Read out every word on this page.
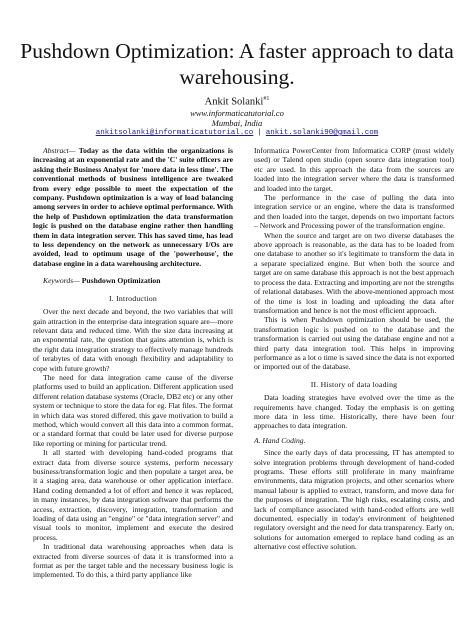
Pushdown Optimization: A faster approach to data warehousing.
Ankit Solanki$^{\#1}$
www.informaticatutorial.co
Mumbai, India
ankitsolanki@informaticatutorial.co | ankit.solanki90@gmail.com

Abstract— Today as the data within the organizations is increasing at an exponential rate and the 'C' suite officers are asking their Business Analyst for 'more data in less time'. The conventional methods of business intelligence are tweaked from every edge possible to meet the expectation of the company. Pushdown optimization is a way of load balancing among servers in order to achieve optimal performance. With the help of Pushdown optimization the data transformation logic is pushed on the database engine rather then handling them in data integration server. This has saved time, has lead to less dependency on the network as unnecessary I/Os are avoided, lead to optimum usage of the 'powerhouse', the database engine in a data warehousing architecture.

Keywords— Pushdown Optimization

I. Introduction

Over the next decade and beyond, the two variables that will gain attraction in the enterprise data integration square are—more relevant data and reduced time. With the size data increasing at an exponential rate, the question that gains attention is, which is the right data integration strategy to effectively manage hundreds of terabytes of data with enough flexibility and adaptability to cope with future growth?

The need for data integration came cause of the diverse platforms used to build an application. Different application used different relation database systems (Oracle, DB2 etc) or any other system or technique to store the data for eg. Flat files. The format in which data was stored differed, this gave motivation to build a method, which would convert all this data into a common format, or a standard format that could be later used for diverse purpose like reporting or mining for particular trend.

It all started with developing hand-coded programs that extract data from diverse source systems, perform necessary business/transformation logic and then populate a target area, be it a staging area, data warehouse or other application interface. Hand coding demanded a lot of effort and hence it was replaced, in many instances, by data integration software that performs the access, extraction, discovery, integration, transformation and loading of data using an "engine" or "data integration server" and visual tools to monitor, implement and execute the desired process.

In traditional data warehousing approaches when data is extracted from diverse sources of data it is transformed into a format as per the target table and the necessary business logic is implemented. To do this, a third party appliance like

Informatica PowerCenter from Informatica CORP (most widely used) or Talend open studio (open source data integration tool) etc are used. In this approach the data from the sources are loaded into the integration server where the data is transformed and loaded into the target.

The performance in the case of pulling the data into integration service or an engine, where the data is transformed and then loaded into the target, depends on two important factors – Network and Processing power of the transformation engine.

When the source and target are on two diverse databases the above approach is reasonable, as the data has to be loaded from one database to another so it's legitimate to transform the data in a separate specialized engine. But when both the source and target are on same database this approach is not the best approach to process the data. Extracting and importing are not the strengths of relational databases. With the above-mentioned approach most of the time is lost in loading and uploading the data after transformation and hence is not the most efficient approach.

This is when Pushdown optimization should be used, the transformation logic is pushed on to the database and the transformation is carried out using the database engine and not a third party data integration tool. This helps in improving performance as a lot o time is saved since the data is not exported or imported out of the database.

II. History of data loading

Data loading strategies have evolved over the time as the requirements have changed. Today the emphasis is on getting more data in less time. Historically, there have been four approaches to data integration.

A. Hand Coding.

Since the early days of data processing, IT has attempted to solve integration problems through development of hand-coded programs. These efforts still proliferate in many mainframe environments, data migration projects, and other scenarios where manual labour is applied to extract, transform, and move data for the purposes of integration. The high risks, escalating costs, and lack of compliance associated with hand-coded efforts are well documented, especially in today's environment of heightened regulatory oversight and the need for data transparency. Early on, solutions for automation emerged to replace hand coding as an alternative cost effective solution.
